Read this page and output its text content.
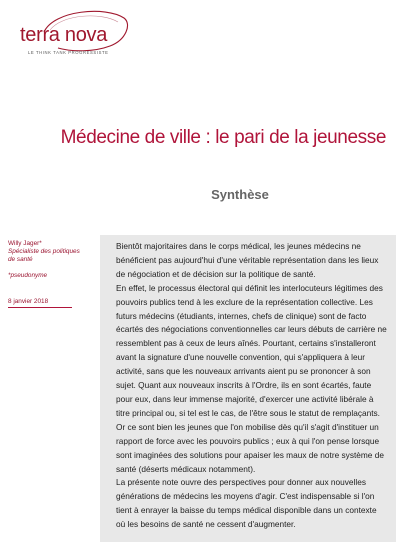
terra nova

LE THINK TANK PROGRESSISTE

Médecine de ville : le pari de la jeunesse
Synthèse

Willy Jager*

Spécialiste des politiques de santé

*pseudonyme

8 janvier 2018

Bientôt majoritaires dans le corps médical, les jeunes médecins ne bénéficient pas aujourd'hui d'une véritable représentation dans les lieux de négociation et de décision sur la politique de santé.

En effet, le processus électoral qui définit les interlocuteurs légitimes des pouvoirs publics tend à les exclure de la représentation collective. Les futurs médecins (étudiants, internes, chefs de clinique) sont de facto écartés des négociations conventionnelles car leurs débuts de carrière ne ressemblent pas à ceux de leurs aînés. Pourtant, certains s'installeront avant la signature d'une nouvelle convention, qui s'appliquera à leur activité, sans que les nouveaux arrivants aient pu se prononcer à son sujet. Quant aux nouveaux inscrits à l'Ordre, ils en sont écartés, faute pour eux, dans leur immense majorité, d'exercer une activité libérale à titre principal ou, si tel est le cas, de l'être sous le statut de remplaçants.

Or ce sont bien les jeunes que l'on mobilise dès qu'il s'agit d'instituer un rapport de force avec les pouvoirs publics ; eux à qui l'on pense lorsque sont imaginées des solutions pour apaiser les maux de notre système de santé (déserts médicaux notamment).

La présente note ouvre des perspectives pour donner aux nouvelles générations de médecins les moyens d'agir. C'est indispensable si l'on tient à enrayer la baisse du temps médical disponible dans un contexte où les besoins de santé ne cessent d'augmenter.
